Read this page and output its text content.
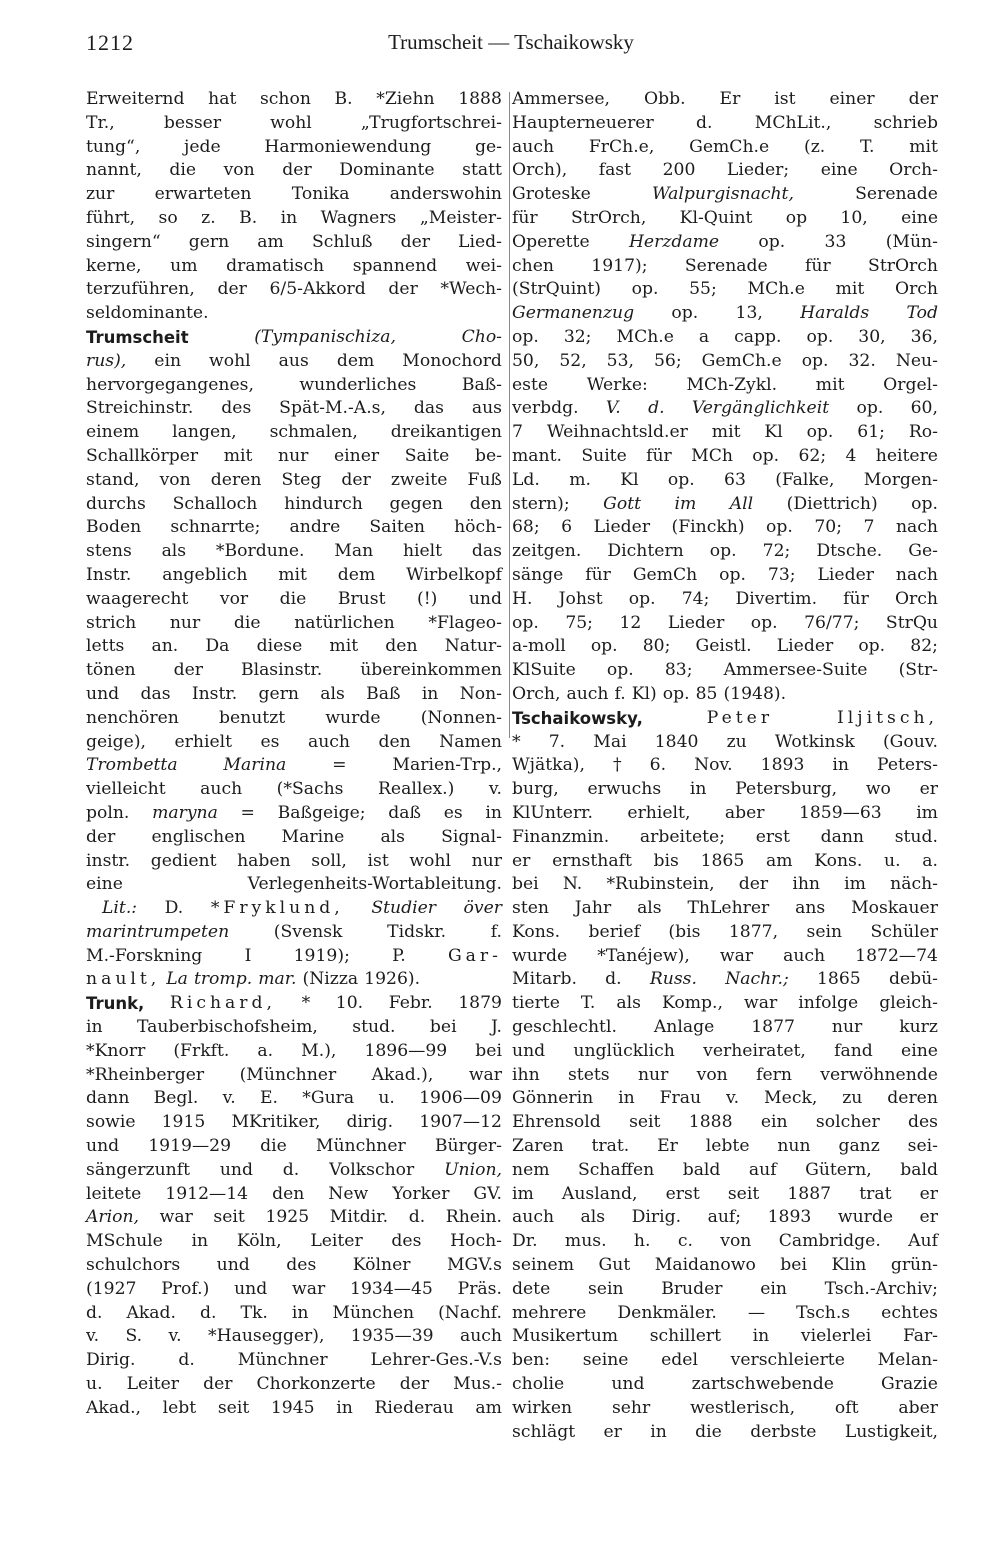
1212	Trumscheit — Tschaikowsky
Erweiternd hat schon B. *Ziehn 1888
Tr.,	besser	wohl	„Trugfortschrei-
tung“,	jede	Harmoniewendung	ge-
nannt, die von der Dominante statt
zur erwarteten Tonika anderswohin
führt, so z. B. in Wagners „Meister-
singern“ gern am Schluß der Lied-
kerne, um dramatisch spannend wei-
terzuführen, der 6/5-Akkord der *Wech-
seldominante.
Trumscheit	(Tympanischiza,	Cho-
rus), ein wohl aus dem Monochord
hervorgegangenes,	wunderliches	Baß-
Streichinstr. des Spät-M.-A.s, das aus
einem langen, schmalen, dreikantigen
Schallkörper mit nur einer Saite be-
stand, von deren Steg der zweite Fuß
durchs Schalloch hindurch gegen den
Boden schnarrte; andre Saiten höch-
stens als *Bordune. Man hielt das
Instr. angeblich mit dem Wirbelkopf
waagerecht vor die Brust (!) und
strich nur die natürlichen *Flageo-
letts an. Da diese mit den Natur-
tönen der Blasinstr. übereinkommen
und das Instr. gern als Baß in Non-
nenchören benutzt wurde (Nonnen-
geige), erhielt es auch den Namen
Trombetta	Marina	=	Marien-Trp.,
vielleicht auch (*Sachs Reallex.) v.
poln. maryna = Baßgeige; daß es in
der englischen Marine als Signal-
instr. gedient haben soll, ist wohl nur
eine	Verlegenheits-Wortableitung.
Lit.: D. *Fryklund, Studier över
marintrumpeten	(Svensk	Tidskr.	f.
M.-Forskning I 1919); P. Gar-
nault, La tromp. mar. (Nizza 1926).
Trunk, Richard, * 10. Febr. 1879
in Tauberbischofsheim, stud. bei J.
*Knorr (Frkft. a. M.), 1896—99 bei
*Rheinberger (Münchner Akad.), war
dann Begl. v. E. *Gura u. 1906—09
sowie 1915 MKritiker, dirig. 1907—12
und 1919—29 die Münchner Bürger-
sängerzunft und d. Volkschor Union,
leitete 1912—14 den New Yorker GV.
Arion, war seit 1925 Mitdir. d. Rhein.
MSchule in Köln, Leiter des Hoch-
schulchors und des Kölner MGV.s
(1927 Prof.) und war 1934—45 Präs.
d. Akad. d. Tk. in München (Nachf.
v. S. v. *Hausegger), 1935—39 auch
Dirig. d. Münchner Lehrer-Ges.-V.s
u. Leiter der Chorkonzerte der Mus.-
Akad., lebt seit 1945 in Riederau am
Ammersee, Obb. Er ist einer der
Haupterneuerer d. MChLit., schrieb
auch FrCh.e, GemCh.e (z. T. mit
Orch), fast 200 Lieder; eine Orch-
Groteske	Walpurgisnacht,	Serenade
für StrOrch, Kl-Quint op 10, eine
Operette Herzdame op. 33 (Mün-
chen 1917); Serenade für StrOrch
(StrQuint) op. 55; MCh.e mit Orch
Germanenzug op. 13, Haralds Tod
op. 32; MCh.e a capp. op. 30, 36,
50, 52, 53, 56; GemCh.e op. 32. Neu-
este Werke: MCh-Zykl. mit Orgel-
verbdg. V. d. Vergänglichkeit op. 60,
7 Weihnachtsld.er mit Kl op. 61; Ro-
mant. Suite für MCh op. 62; 4 heitere
Ld. m. Kl op. 63 (Falke, Morgen-
stern); Gott im All (Diettrich) op.
68; 6 Lieder (Finckh) op. 70; 7 nach
zeitgen. Dichtern op. 72; Dtsche. Ge-
sänge für GemCh op. 73; Lieder nach
H. Johst op. 74; Divertim. für Orch
op. 75; 12 Lieder op. 76/77; StrQu
a-moll op. 80; Geistl. Lieder op. 82;
KlSuite op. 83; Ammersee-Suite (Str-
Orch, auch f. Kl) op. 85 (1948).
Tschaikowsky,	Peter	Iljitsch,
* 7. Mai 1840 zu Wotkinsk (Gouv.
Wjätka), † 6. Nov. 1893 in Peters-
burg, erwuchs in Petersburg, wo er
KlUnterr. erhielt, aber 1859—63 im
Finanzmin. arbeitete; erst dann stud.
er ernsthaft bis 1865 am Kons. u. a.
bei N. *Rubinstein, der ihn im näch-
sten Jahr als ThLehrer ans Moskauer
Kons. berief (bis 1877, sein Schüler
wurde *Tanéjew), war auch 1872—74
Mitarb. d. Russ. Nachr.; 1865 debü-
tierte T. als Komp., war infolge gleich-
geschlechtl. Anlage 1877 nur kurz
und unglücklich verheiratet, fand eine
ihn stets nur von fern verwöhnende
Gönnerin in Frau v. Meck, zu deren
Ehrensold seit 1888 ein solcher des
Zaren trat. Er lebte nun ganz sei-
nem Schaffen bald auf Gütern, bald
im Ausland, erst seit 1887 trat er
auch als Dirig. auf; 1893 wurde er
Dr. mus. h. c. von Cambridge. Auf
seinem Gut Maidanowo bei Klin grün-
dete sein Bruder ein Tsch.-Archiv;
mehrere Denkmäler. — Tsch.s echtes
Musikertum schillert in vielerlei Far-
ben: seine edel verschleierte Melan-
cholie	und	zartschwebende	Grazie
wirken sehr westlerisch, oft aber
schlägt er in die derbste Lustigkeit,
